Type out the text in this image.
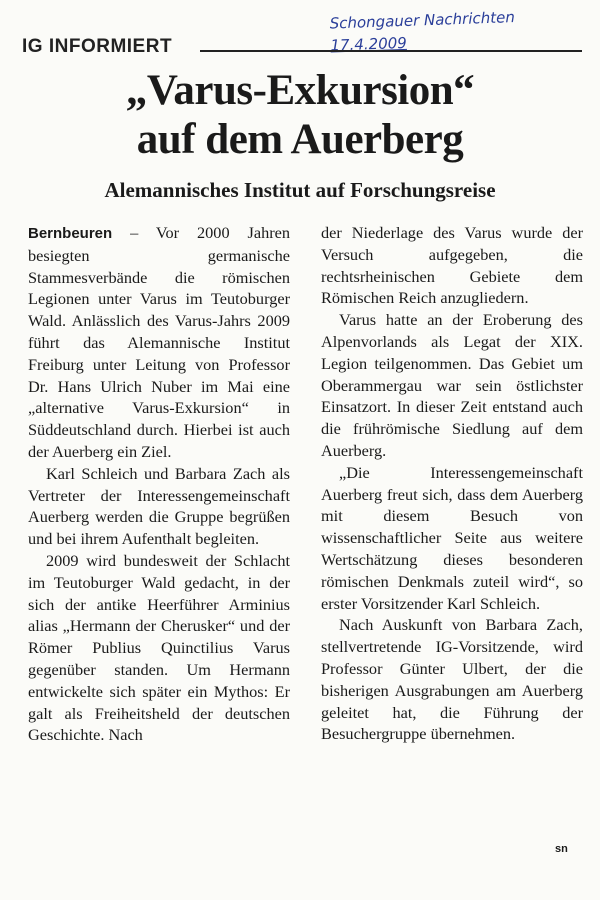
Schongauer Nachrichten
17.4.2009
IG INFORMIERT
„Varus-Exkursion“
auf dem Auerberg
Alemannisches Institut auf Forschungsreise

Bernbeuren – Vor 2000 Jahren besiegten germanische Stammesverbände die römischen Legionen unter Varus im Teutoburger Wald. Anlässlich des Varus-Jahrs 2009 führt das Alemannische Institut Freiburg unter Leitung von Professor Dr. Hans Ulrich Nuber im Mai eine „alternative Varus-Exkursion“ in Süddeutschland durch. Hierbei ist auch der Auerberg ein Ziel.

Karl Schleich und Barbara Zach als Vertreter der Interessengemeinschaft Auerberg werden die Gruppe begrüßen und bei ihrem Aufenthalt begleiten.

2009 wird bundesweit der Schlacht im Teutoburger Wald gedacht, in der sich der antike Heerführer Arminius alias „Hermann der Cherusker“ und der Römer Publius Quinctilius Varus gegenüber standen. Um Hermann entwickelte sich später ein Mythos: Er galt als Freiheitsheld der deutschen Geschichte. Nach

der Niederlage des Varus wurde der Versuch aufgegeben, die rechtsrheinischen Gebiete dem Römischen Reich anzugliedern.

Varus hatte an der Eroberung des Alpenvorlands als Legat der XIX. Legion teilgenommen. Das Gebiet um Oberammergau war sein östlichster Einsatzort. In dieser Zeit entstand auch die frührömische Siedlung auf dem Auerberg.

„Die Interessengemeinschaft Auerberg freut sich, dass dem Auerberg mit diesem Besuch von wissenschaftlicher Seite aus weitere Wertschätzung dieses besonderen römischen Denkmals zuteil wird“, so erster Vorsitzender Karl Schleich.

Nach Auskunft von Barbara Zach, stellvertretende IG-Vorsitzende, wird Professor Günter Ulbert, der die bisherigen Ausgrabungen am Auerberg geleitet hat, die Führung der Besuchergruppe übernehmen.

sn
